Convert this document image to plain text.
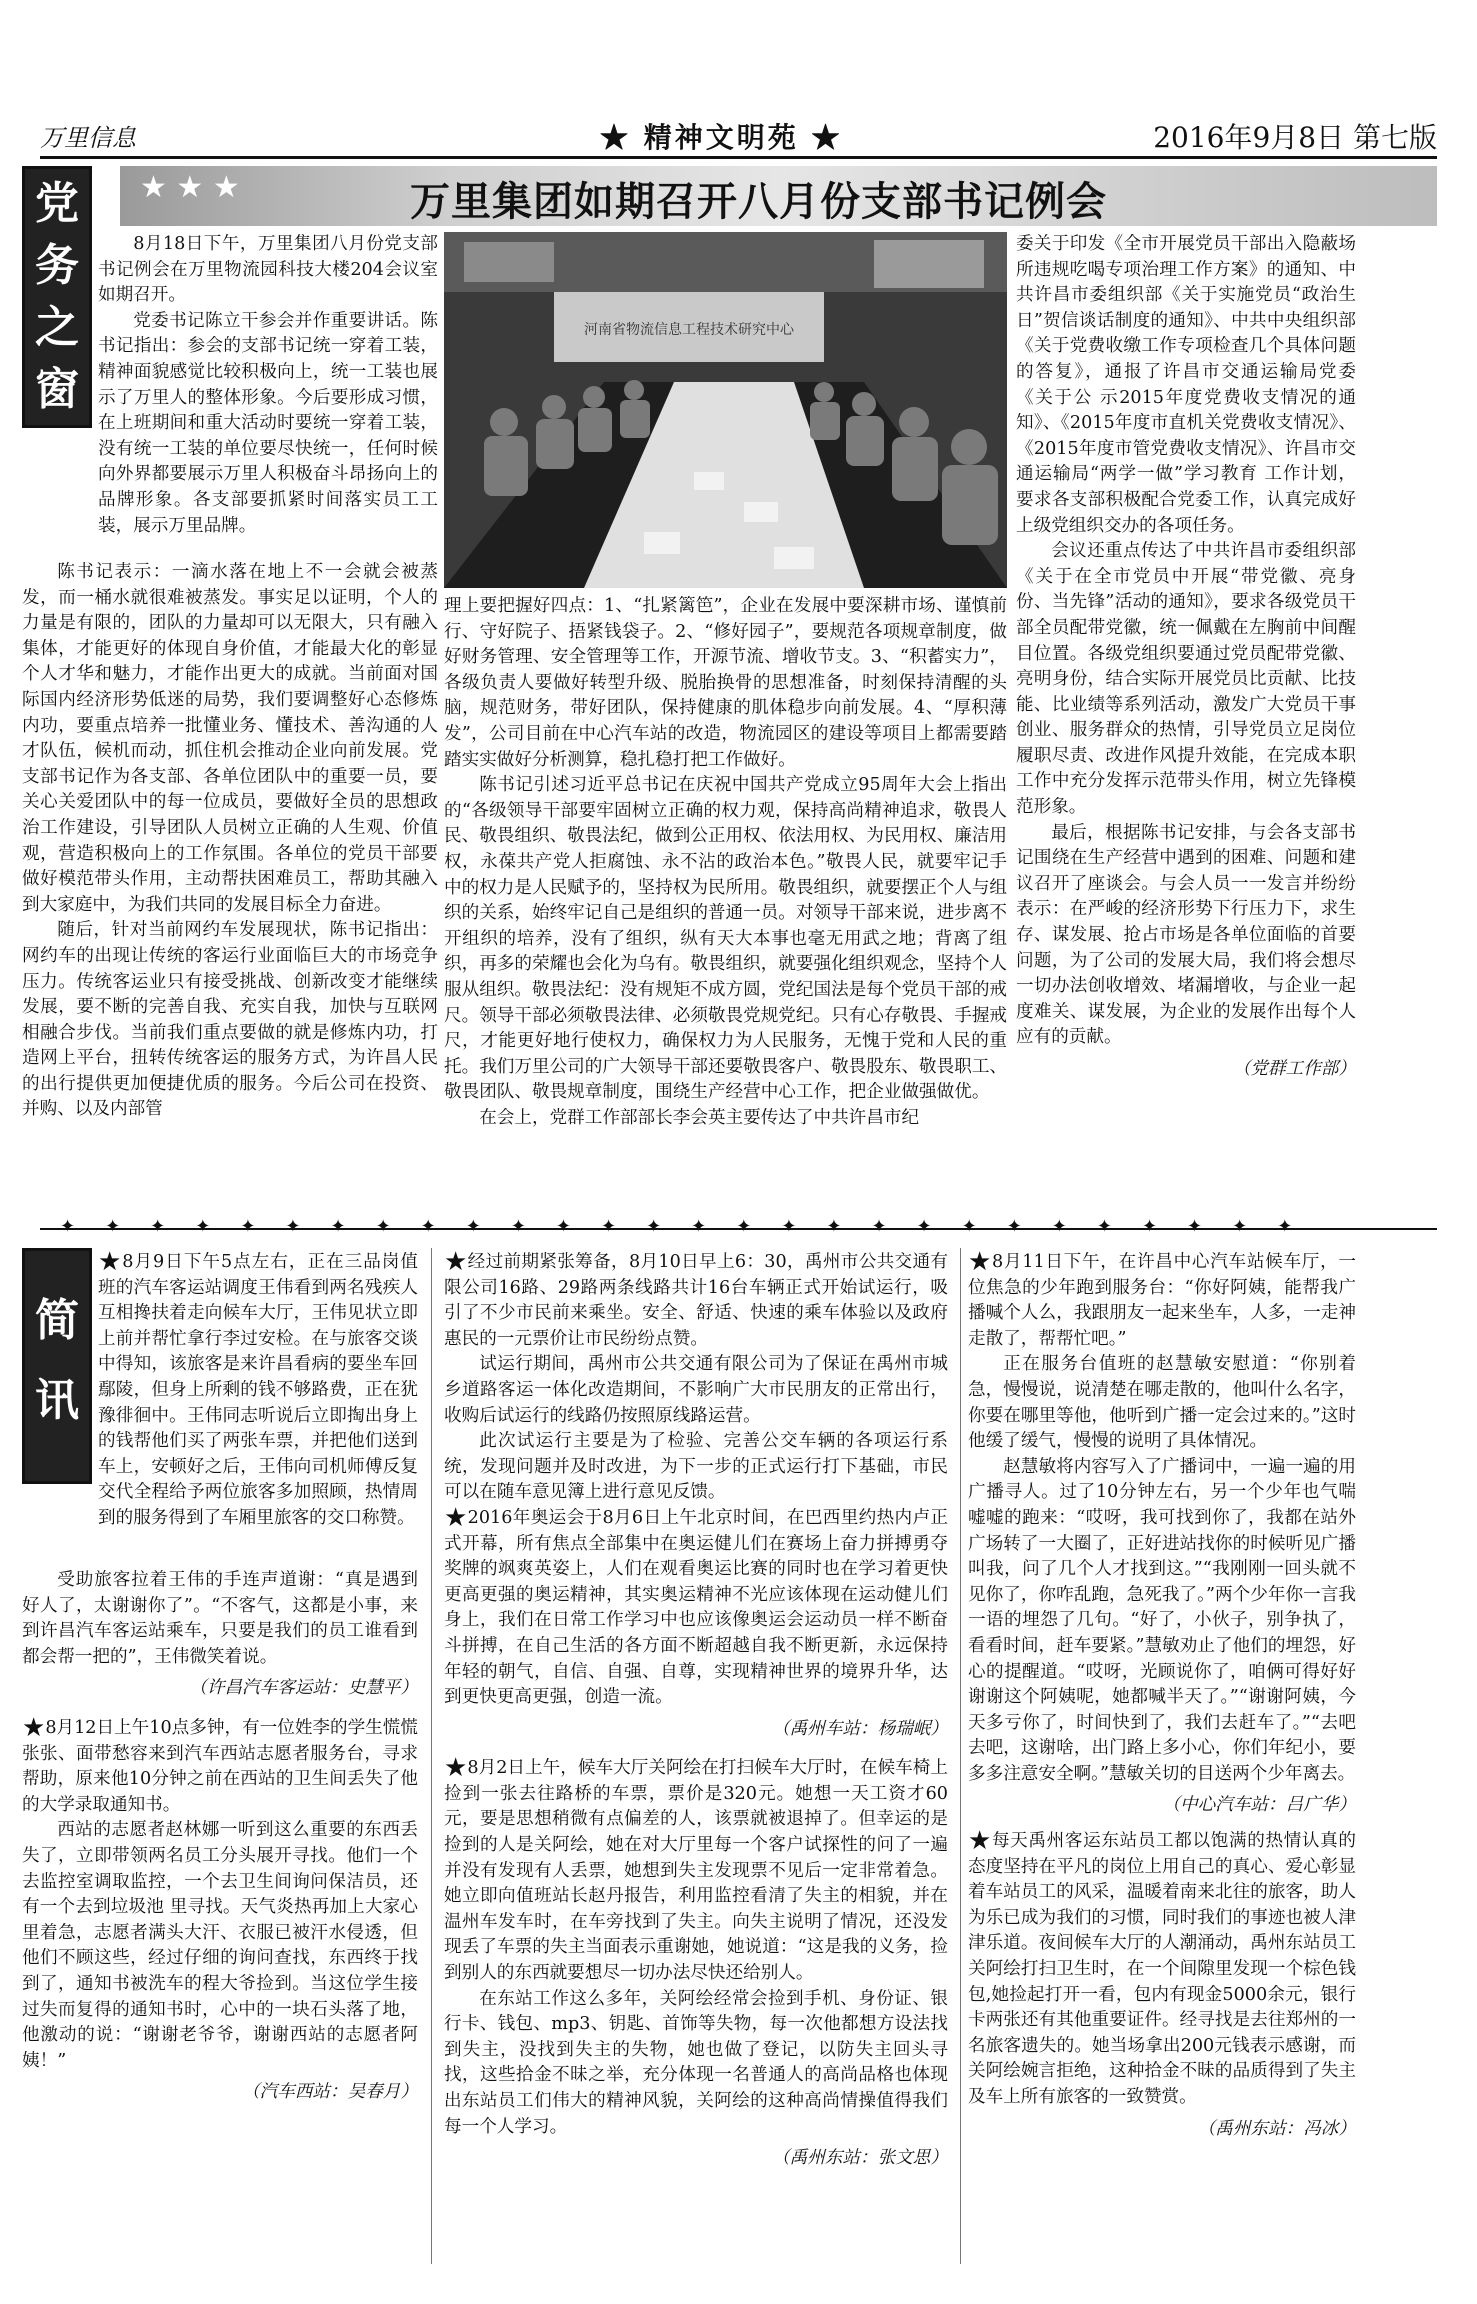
万里信息	★ 精神文明苑 ★	2016年9月8日 第七版
党
务
之
窗
★ ★ ★	万里集团如期召开八月份支部书记例会
河南省物流信息工程技术研究中心

8月18日下午，万里集团八月份党支部书记例会在万里物流园科技大楼204会议室如期召开。

党委书记陈立干参会并作重要讲话。陈书记指出：参会的支部书记统一穿着工装，精神面貌感觉比较积极向上，统一工装也展示了万里人的整体形象。今后要形成习惯，在上班期间和重大活动时要统一穿着工装，没有统一工装的单位要尽快统一，任何时候向外界都要展示万里人积极奋斗昂扬向上的品牌形象。各支部要抓紧时间落实员工工装，展示万里品牌。

陈书记表示：一滴水落在地上不一会就会被蒸发，而一桶水就很难被蒸发。事实足以证明，个人的力量是有限的，团队的力量却可以无限大，只有融入集体，才能更好的体现自身价值，才能最大化的彰显个人才华和魅力，才能作出更大的成就。当前面对国际国内经济形势低迷的局势，我们要调整好心态修炼内功，要重点培养一批懂业务、懂技术、善沟通的人才队伍，候机而动，抓住机会推动企业向前发展。党支部书记作为各支部、各单位团队中的重要一员，要关心关爱团队中的每一位成员，要做好全员的思想政治工作建设，引导团队人员树立正确的人生观、价值观，营造积极向上的工作氛围。各单位的党员干部要做好模范带头作用，主动帮扶困难员工，帮助其融入到大家庭中，为我们共同的发展目标全力奋进。

随后，针对当前网约车发展现状，陈书记指出：网约车的出现让传统的客运行业面临巨大的市场竞争压力。传统客运业只有接受挑战、创新改变才能继续发展，要不断的完善自我、充实自我，加快与互联网相融合步伐。当前我们重点要做的就是修炼内功，打造网上平台，扭转传统客运的服务方式，为许昌人民的出行提供更加便捷优质的服务。今后公司在投资、并购、以及内部管

理上要把握好四点：1、“扎紧篱笆”，企业在发展中要深耕市场、谨慎前行、守好院子、捂紧钱袋子。2、“修好园子”，要规范各项规章制度，做好财务管理、安全管理等工作，开源节流、增收节支。3、“积蓄实力”，各级负责人要做好转型升级、脱胎换骨的思想准备，时刻保持清醒的头脑，规范财务，带好团队，保持健康的肌体稳步向前发展。4、“厚积薄发”，公司目前在中心汽车站的改造，物流园区的建设等项目上都需要踏踏实实做好分析测算，稳扎稳打把工作做好。

陈书记引述习近平总书记在庆祝中国共产党成立95周年大会上指出的“各级领导干部要牢固树立正确的权力观，保持高尚精神追求，敬畏人民、敬畏组织、敬畏法纪，做到公正用权、依法用权、为民用权、廉洁用权，永葆共产党人拒腐蚀、永不沾的政治本色。”敬畏人民，就要牢记手中的权力是人民赋予的，坚持权为民所用。敬畏组织，就要摆正个人与组织的关系，始终牢记自己是组织的普通一员。对领导干部来说，进步离不开组织的培养，没有了组织，纵有天大本事也毫无用武之地；背离了组织，再多的荣耀也会化为乌有。敬畏组织，就要强化组织观念，坚持个人服从组织。敬畏法纪：没有规矩不成方圆，党纪国法是每个党员干部的戒尺。领导干部必须敬畏法律、必须敬畏党规党纪。只有心存敬畏、手握戒尺，才能更好地行使权力，确保权力为人民服务，无愧于党和人民的重托。我们万里公司的广大领导干部还要敬畏客户、敬畏股东、敬畏职工、敬畏团队、敬畏规章制度，围绕生产经营中心工作，把企业做强做优。

在会上，党群工作部部长李会英主要传达了中共许昌市纪

委关于印发《全市开展党员干部出入隐蔽场所违规吃喝专项治理工作方案》的通知、中共许昌市委组织部《关于实施党员“政治生日”贺信谈话制度的通知》、中共中央组织部《关于党费收缴工作专项检查几个具体问题的答复》，通报了许昌市交通运输局党委《关于公 示2015年度党费收支情况的通知》、《2015年度市直机关党费收支情况》、《2015年度市管党费收支情况》、许昌市交通运输局“两学一做”学习教育 工作计划，要求各支部积极配合党委工作，认真完成好上级党组织交办的各项任务。

会议还重点传达了中共许昌市委组织部《关于在全市党员中开展“带党徽、亮身份、当先锋”活动的通知》，要求各级党员干部全员配带党徽，统一佩戴在左胸前中间醒目位置。各级党组织要通过党员配带党徽、亮明身份，结合实际开展党员比贡献、比技能、比业绩等系列活动，激发广大党员干事创业、服务群众的热情，引导党员立足岗位履职尽责、改进作风提升效能，在完成本职工作中充分发挥示范带头作用，树立先锋模范形象。

最后，根据陈书记安排，与会各支部书记围绕在生产经营中遇到的困难、问题和建议召开了座谈会。与会人员一一发言并纷纷表示：在严峻的经济形势下行压力下，求生存、谋发展、抢占市场是各单位面临的首要问题，为了公司的发展大局，我们将会想尽一切办法创收增效、堵漏增收，与企业一起度难关、谋发展，为企业的发展作出每个人应有的贡献。

（党群工作部）
✦✦✦✦✦✦✦✦✦✦✦✦✦✦✦✦✦✦✦✦✦✦✦✦✦✦✦✦
简
讯

★8月9日下午5点左右，正在三品岗值班的汽车客运站调度王伟看到两名残疾人互相搀扶着走向候车大厅，王伟见状立即上前并帮忙拿行李过安检。在与旅客交谈中得知，该旅客是来许昌看病的要坐车回鄢陵，但身上所剩的钱不够路费，正在犹豫徘徊中。王伟同志听说后立即掏出身上的钱帮他们买了两张车票，并把他们送到车上，安顿好之后，王伟向司机师傅反复交代全程给予两位旅客多加照顾，热情周到的服务得到了车厢里旅客的交口称赞。

受助旅客拉着王伟的手连声道谢：“真是遇到好人了，太谢谢你了”。“不客气，这都是小事，来到许昌汽车客运站乘车，只要是我们的员工谁看到都会帮一把的”，王伟微笑着说。

（许昌汽车客运站：史慧平）

★8月12日上午10点多钟，有一位姓李的学生慌慌张张、面带愁容来到汽车西站志愿者服务台，寻求帮助，原来他10分钟之前在西站的卫生间丢失了他的大学录取通知书。

西站的志愿者赵林娜一听到这么重要的东西丢失了，立即带领两名员工分头展开寻找。他们一个去监控室调取监控，一个去卫生间询问保洁员，还有一个去到垃圾池 里寻找。天气炎热再加上大家心里着急，志愿者满头大汗、衣服已被汗水侵透，但他们不顾这些，经过仔细的询问查找，东西终于找到了，通知书被洗车的程大爷捡到。当这位学生接过失而复得的通知书时，心中的一块石头落了地，他激动的说：“谢谢老爷爷，谢谢西站的志愿者阿姨！”

（汽车西站：吴春月）

★经过前期紧张筹备，8月10日早上6：30，禹州市公共交通有限公司16路、29路两条线路共计16台车辆正式开始试运行，吸引了不少市民前来乘坐。安全、舒适、快速的乘车体验以及政府惠民的一元票价让市民纷纷点赞。

试运行期间，禹州市公共交通有限公司为了保证在禹州市城乡道路客运一体化改造期间，不影响广大市民朋友的正常出行，收购后试运行的线路仍按照原线路运营。

此次试运行主要是为了检验、完善公交车辆的各项运行系统，发现问题并及时改进，为下一步的正式运行打下基础，市民可以在随车意见簿上进行意见反馈。

★2016年奥运会于8月6日上午北京时间，在巴西里约热内卢正式开幕，所有焦点全部集中在奥运健儿们在赛场上奋力拼搏勇夺奖牌的飒爽英姿上，人们在观看奥运比赛的同时也在学习着更快更高更强的奥运精神，其实奥运精神不光应该体现在运动健儿们身上，我们在日常工作学习中也应该像奥运会运动员一样不断奋斗拼搏，在自己生活的各方面不断超越自我不断更新，永远保持年轻的朝气，自信、自强、自尊，实现精神世界的境界升华，达到更快更高更强，创造一流。

（禹州车站：杨瑞岷）

★8月2日上午，候车大厅关阿绘在打扫候车大厅时，在候车椅上捡到一张去往路桥的车票，票价是320元。她想一天工资才60元，要是思想稍微有点偏差的人，该票就被退掉了。但幸运的是捡到的人是关阿绘，她在对大厅里每一个客户试探性的问了一遍并没有发现有人丢票，她想到失主发现票不见后一定非常着急。她立即向值班站长赵丹报告，利用监控看清了失主的相貌，并在温州车发车时，在车旁找到了失主。向失主说明了情况，还没发现丢了车票的失主当面表示重谢她，她说道：“这是我的义务，捡到别人的东西就要想尽一切办法尽快还给别人。

在东站工作这么多年，关阿绘经常会捡到手机、身份证、银行卡、钱包、mp3、钥匙、首饰等失物，每一次他都想方设法找到失主，没找到失主的失物，她也做了登记，以防失主回头寻找，这些拾金不昧之举，充分体现一名普通人的高尚品格也体现出东站员工们伟大的精神风貌，关阿绘的这种高尚情操值得我们每一个人学习。

（禹州东站：张文思）

★8月11日下午，在许昌中心汽车站候车厅，一位焦急的少年跑到服务台：“你好阿姨，能帮我广播喊个人么，我跟朋友一起来坐车，人多，一走神走散了，帮帮忙吧。”

正在服务台值班的赵慧敏安慰道：“你别着急，慢慢说，说清楚在哪走散的，他叫什么名字，你要在哪里等他，他听到广播一定会过来的。”这时他缓了缓气，慢慢的说明了具体情况。

赵慧敏将内容写入了广播词中，一遍一遍的用广播寻人。过了10分钟左右，另一个少年也气喘嘘嘘的跑来：“哎呀，我可找到你了，我都在站外广场转了一大圈了，正好进站找你的时候听见广播叫我，问了几个人才找到这。”“我刚刚一回头就不见你了，你咋乱跑，急死我了。”两个少年你一言我一语的埋怨了几句。“好了，小伙子，别争执了，看看时间，赶车要紧。”慧敏劝止了他们的埋怨，好心的提醒道。“哎呀，光顾说你了，咱俩可得好好谢谢这个阿姨呢，她都喊半天了。”“谢谢阿姨，今天多亏你了，时间快到了，我们去赶车了。”“去吧去吧，这谢啥，出门路上多小心，你们年纪小，要多多注意安全啊。”慧敏关切的目送两个少年离去。

（中心汽车站：吕广华）

★每天禹州客运东站员工都以饱满的热情认真的态度坚持在平凡的岗位上用自己的真心、爱心彰显着车站员工的风采，温暖着南来北往的旅客，助人为乐已成为我们的习惯，同时我们的事迹也被人津津乐道。夜间候车大厅的人潮涌动，禹州东站员工关阿绘打扫卫生时，在一个间隙里发现一个棕色钱包,她捡起打开一看，包内有现金5000余元，银行卡两张还有其他重要证件。经寻找是去往郑州的一名旅客遗失的。她当场拿出200元钱表示感谢，而关阿绘婉言拒绝，这种拾金不昧的品质得到了失主及车上所有旅客的一致赞赏。

（禹州东站：冯冰）
